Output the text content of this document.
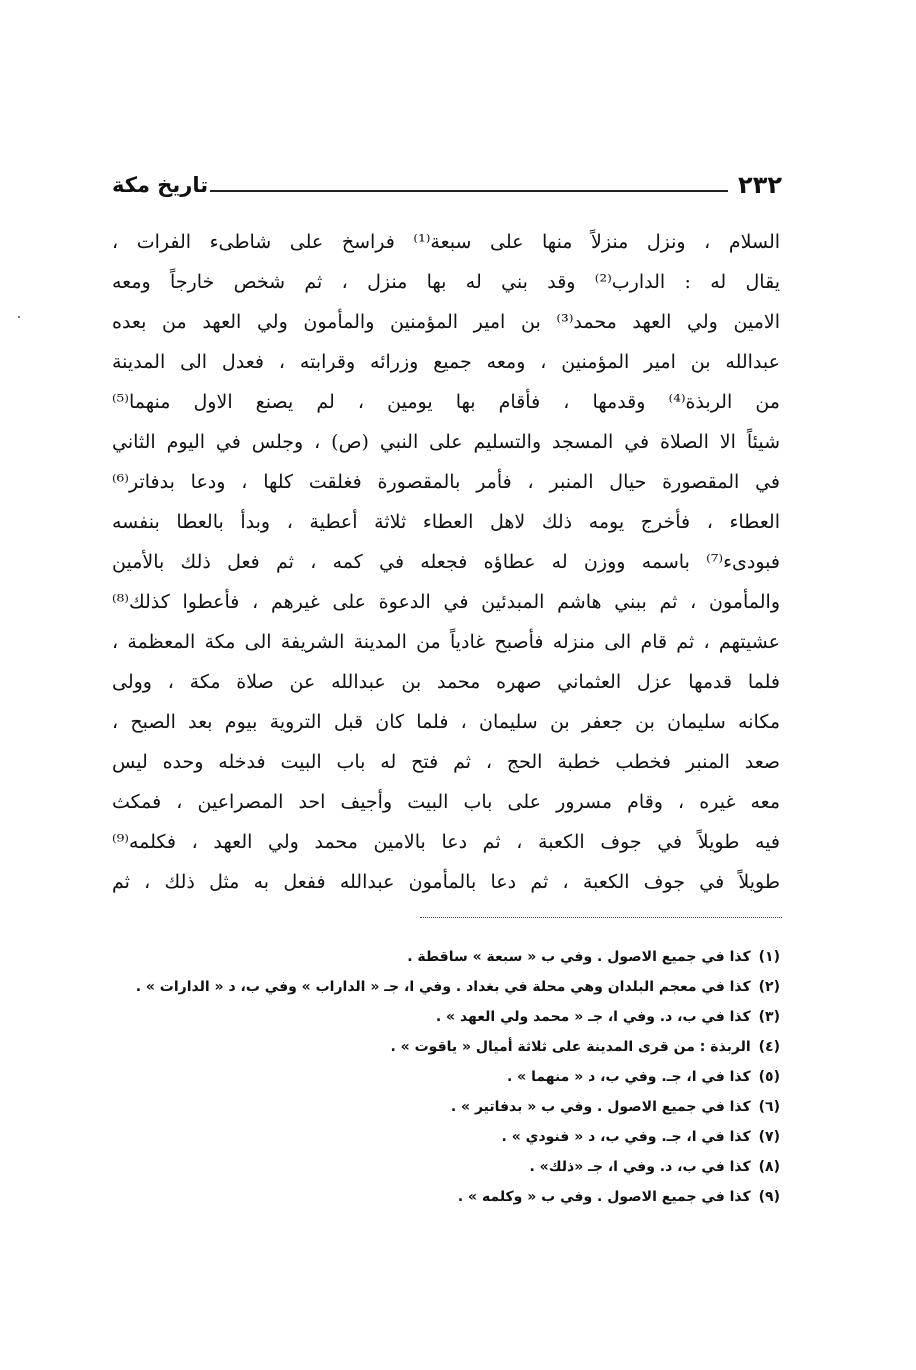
٢٣٢
تاريخ مكة
السلام ، ونزل منزلاً منها على سبعة⁽¹⁾ فراسخ على شاطىء الفرات ،
يقال له : الدارب⁽²⁾ وقد بني له بها منزل ، ثم شخص خارجاً ومعه
الامين ولي العهد محمد⁽³⁾ بن امير المؤمنين والمأمون ولي العهد من بعده
عبدالله بن امير المؤمنين ، ومعه جميع وزرائه وقرابته ، فعدل الى المدينة
من الربذة⁽⁴⁾ وقدمها ، فأقام بها يومين ، لم يصنع الاول منهما⁽⁵⁾
شيئاً الا الصلاة في المسجد والتسليم على النبي (ص) ، وجلس في اليوم الثاني
في المقصورة حيال المنبر ، فأمر بالمقصورة فغلقت كلها ، ودعا بدفاتر⁽⁶⁾
العطاء ، فأخرج يومه ذلك لاهل العطاء ثلاثة أعطية ، وبدأ بالعطا بنفسه
فبودىء⁽⁷⁾ باسمه ووزن له عطاؤه فجعله في كمه ، ثم فعل ذلك بالأمين
والمأمون ، ثم ببني هاشم المبدئين في الدعوة على غيرهم ، فأعطوا كذلك⁽⁸⁾
عشيتهم ، ثم قام الى منزله فأصبح غادياً من المدينة الشريفة الى مكة المعظمة ،
فلما قدمها عزل العثماني صهره محمد بن عبدالله عن صلاة مكة ، وولى
مكانه سليمان بن جعفر بن سليمان ، فلما كان قبل التروية بيوم بعد الصبح ،
صعد المنبر فخطب خطبة الحج ، ثم فتح له باب البيت فدخله وحده ليس
معه غيره ، وقام مسرور على باب البيت وأجيف احد المصراعين ، فمكث
فيه طويلاً في جوف الكعبة ، ثم دعا بالامين محمد ولي العهد ، فكلمه⁽⁹⁾
طويلاً في جوف الكعبة ، ثم دعا بالمأمون عبدالله ففعل به مثل ذلك ، ثم
(١)كذا في جميع الاصول . وفي ب « سبعة » ساقطة .
(٢)كذا في معجم البلدان وهي محلة في بغداد . وفي ا، جـ « الداراب » وفي ب، د « الدارات » .
(٣)كذا في ب، د. وفي ا، جـ « محمد ولي العهد » .
(٤)الربذة : من قرى المدينة على ثلاثة أميال « ياقوت » .
(٥)كذا في ا، جـ. وفي ب، د « منهما » .
(٦)كذا في جميع الاصول . وفي ب « بدفاتير » .
(٧)كذا في ا، جـ. وفي ب، د « فنودي » .
(٨)كذا في ب، د. وفي ا، جـ «ذلك» .
(٩)كذا في جميع الاصول . وفي ب « وكلمه » .
